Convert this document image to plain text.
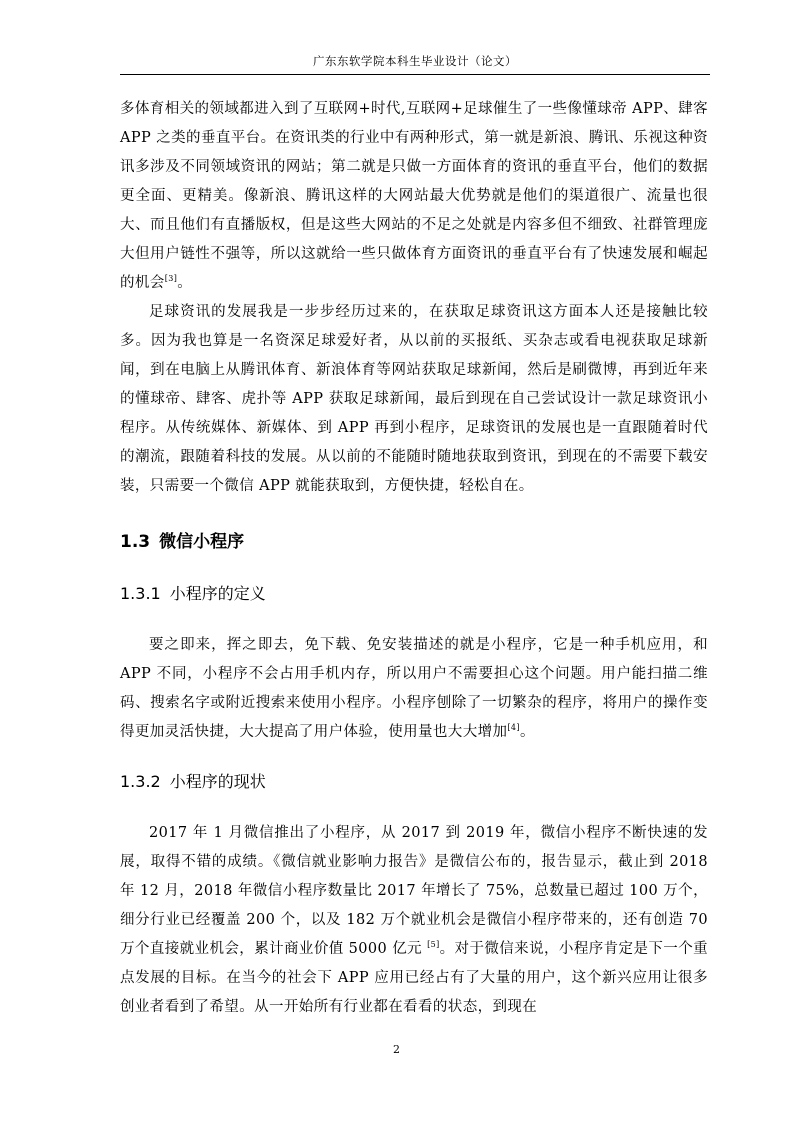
广东东软学院本科生毕业设计（论文）

多体育相关的领域都进入到了互联网+时代,互联网+足球催生了一些像懂球帝 APP、肆客 APP 之类的垂直平台。在资讯类的行业中有两种形式，第一就是新浪、腾讯、乐视这种资讯多涉及不同领域资讯的网站；第二就是只做一方面体育的资讯的垂直平台，他们的数据更全面、更精美。像新浪、腾讯这样的大网站最大优势就是他们的渠道很广、流量也很大、而且他们有直播版权，但是这些大网站的不足之处就是内容多但不细致、社群管理庞大但用户链性不强等，所以这就给一些只做体育方面资讯的垂直平台有了快速发展和崛起的机会[3]。

足球资讯的发展我是一步步经历过来的，在获取足球资讯这方面本人还是接触比较多。因为我也算是一名资深足球爱好者，从以前的买报纸、买杂志或看电视获取足球新闻，到在电脑上从腾讯体育、新浪体育等网站获取足球新闻，然后是刷微博，再到近年来的懂球帝、肆客、虎扑等 APP 获取足球新闻，最后到现在自己尝试设计一款足球资讯小程序。从传统媒体、新媒体、到 APP 再到小程序，足球资讯的发展也是一直跟随着时代的潮流，跟随着科技的发展。从以前的不能随时随地获取到资讯，到现在的不需要下载安装，只需要一个微信 APP 就能获取到，方便快捷，轻松自在。

1.3 微信小程序
1.3.1 小程序的定义

要之即来，挥之即去，免下载、免安装描述的就是小程序，它是一种手机应用，和 APP 不同，小程序不会占用手机内存，所以用户不需要担心这个问题。用户能扫描二维码、搜索名字或附近搜索来使用小程序。小程序刨除了一切繁杂的程序，将用户的操作变得更加灵活快捷，大大提高了用户体验，使用量也大大增加[4]。

1.3.2 小程序的现状

2017 年 1 月微信推出了小程序，从 2017 到 2019 年，微信小程序不断快速的发展，取得不错的成绩。《微信就业影响力报告》是微信公布的，报告显示，截止到 2018 年 12 月，2018 年微信小程序数量比 2017 年增长了 75%，总数量已超过 100 万个，细分行业已经覆盖 200 个，以及 182 万个就业机会是微信小程序带来的，还有创造 70 万个直接就业机会，累计商业价值 5000 亿元 [5]。对于微信来说，小程序肯定是下一个重点发展的目标。在当今的社会下 APP 应用已经占有了大量的用户，这个新兴应用让很多创业者看到了希望。从一开始所有行业都在看看的状态，到现在

2
